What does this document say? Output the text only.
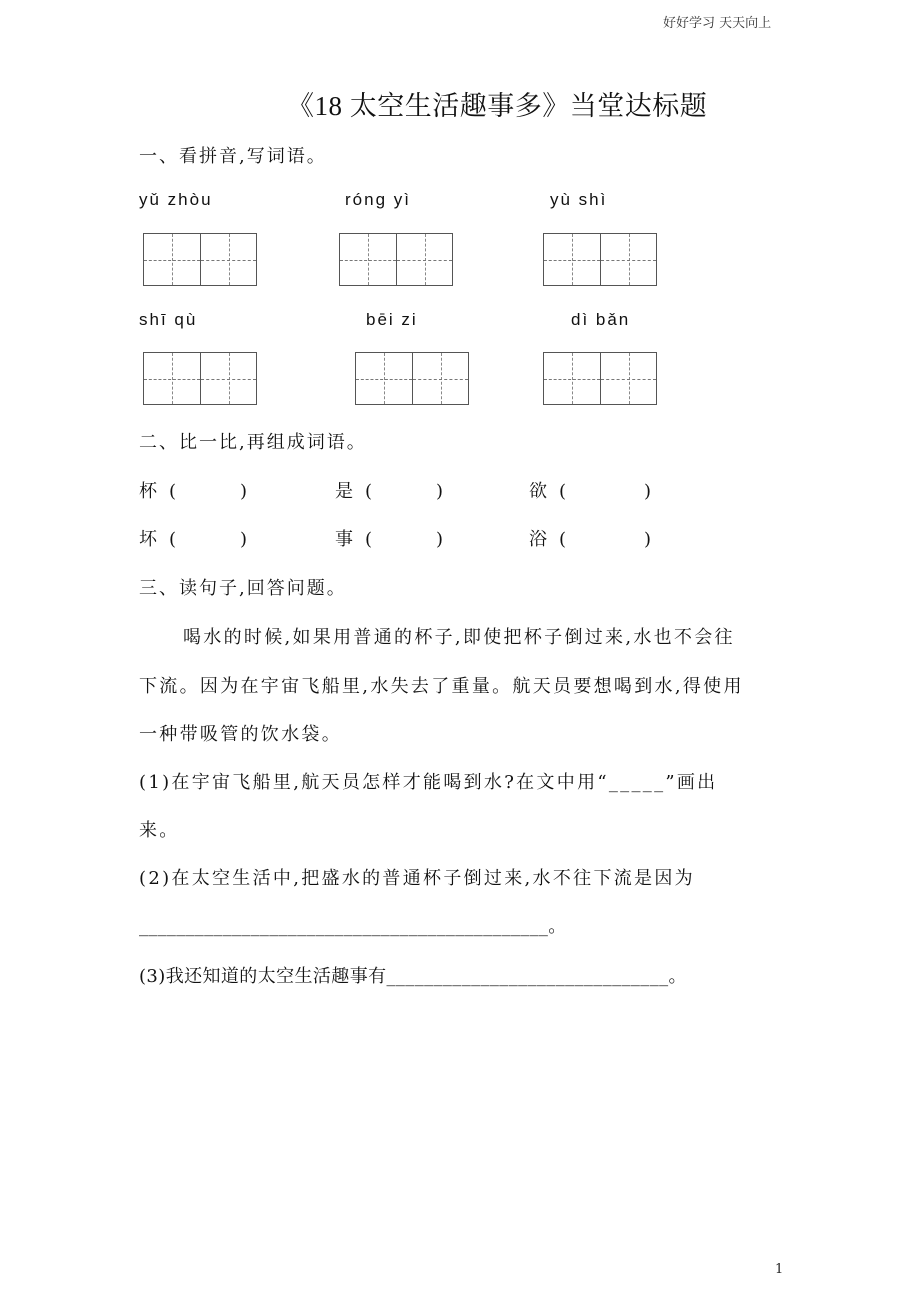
好好学习 天天向上
《18 太空生活趣事多》当堂达标题
一、看拼音,写词语。
yǔ zhòu	róng yì	yù shì
shī qù	bēi zi	dì bǎn
二、比一比,再组成词语。
杯 (	)	是 (	)	欲 (	)
坏 (	)	事 (	)	浴 (	)
三、读句子,回答问题。
喝水的时候,如果用普通的杯子,即使把杯子倒过来,水也不会往
下流。因为在宇宙飞船里,水失去了重量。航天员要想喝到水,得使用
一种带吸管的饮水袋。
(1)在宇宙飞船里,航天员怎样才能喝到水?在文中用“_____”画出
来。
(2)在太空生活中,把盛水的普通杯子倒过来,水不往下流是因为
____________________________________________。
(3)我还知道的太空生活趣事有______________________________。
1
